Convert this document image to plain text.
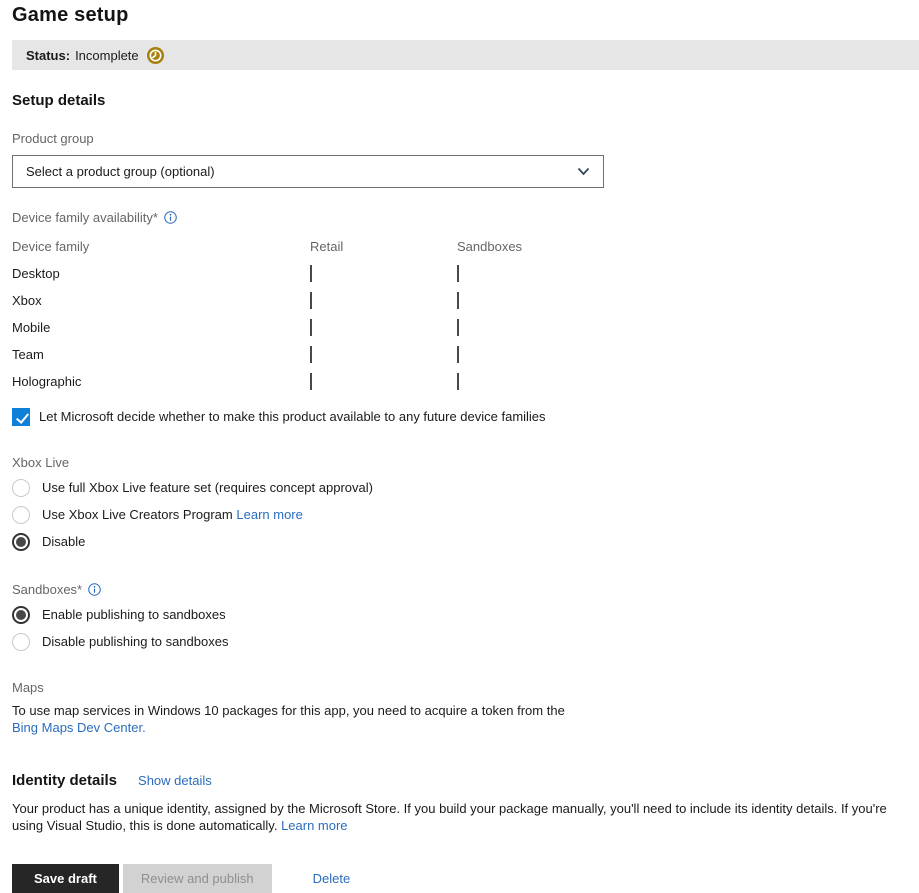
Game setup
Status: Incomplete
Setup details
Product group
Select a product group (optional)
Device family availability*
Device family	Retail	Sandboxes
Desktop
Xbox
Mobile
Team
Holographic
Let Microsoft decide whether to make this product available to any future device families
Xbox Live
Use full Xbox Live feature set (requires concept approval)
Use Xbox Live Creators Program Learn more
Disable
Sandboxes*
Enable publishing to sandboxes
Disable publishing to sandboxes
Maps

To use map services in Windows 10 packages for this app, you need to acquire a token from the Bing Maps Dev Center.

Identity details Show details

Your product has a unique identity, assigned by the Microsoft Store. If you build your package manually, you'll need to include its identity details. If you're using Visual Studio, this is done automatically. Learn more

Save draft	Review and publish	Delete
